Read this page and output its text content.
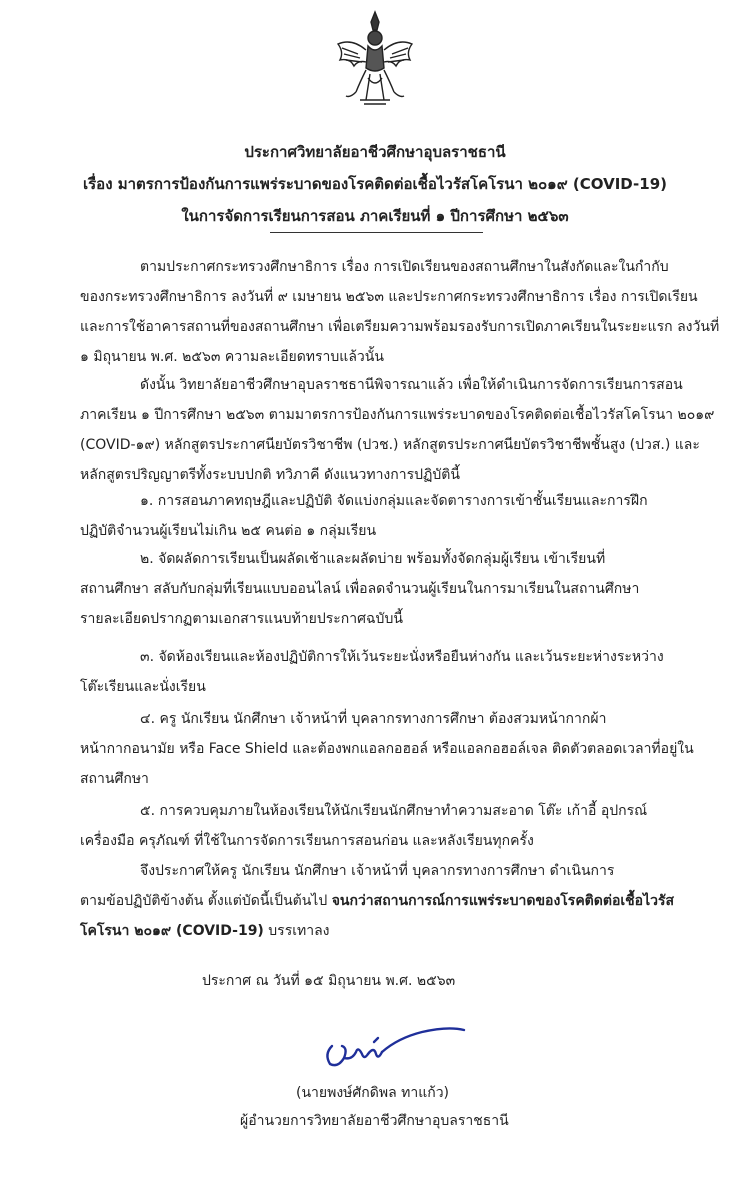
ประกาศวิทยาลัยอาชีวศึกษาอุบลราชธานี
เรื่อง มาตรการป้องกันการแพร่ระบาดของโรคติดต่อเชื้อไวรัสโคโรนา ๒๐๑๙ (COVID-19)
ในการจัดการเรียนการสอน ภาคเรียนที่ ๑ ปีการศึกษา ๒๕๖๓
ตามประกาศกระทรวงศึกษาธิการ เรื่อง การเปิดเรียนของสถานศึกษาในสังกัดและในกำกับ
ของกระทรวงศึกษาธิการ ลงวันที่ ๙ เมษายน ๒๕๖๓ และประกาศกระทรวงศึกษาธิการ เรื่อง การเปิดเรียน
และการใช้อาคารสถานที่ของสถานศึกษา เพื่อเตรียมความพร้อมรองรับการเปิดภาคเรียนในระยะแรก ลงวันที่
๑ มิถุนายน พ.ศ. ๒๕๖๓ ความละเอียดทราบแล้วนั้น
ดังนั้น วิทยาลัยอาชีวศึกษาอุบลราชธานีพิจารณาแล้ว เพื่อให้ดำเนินการจัดการเรียนการสอน
ภาคเรียน ๑ ปีการศึกษา ๒๕๖๓ ตามมาตรการป้องกันการแพร่ระบาดของโรคติดต่อเชื้อไวรัสโคโรนา ๒๐๑๙
(COVID-๑๙) หลักสูตรประกาศนียบัตรวิชาชีพ (ปวช.) หลักสูตรประกาศนียบัตรวิชาชีพชั้นสูง (ปวส.) และ
หลักสูตรปริญญาตรีทั้งระบบปกติ ทวิภาคี ดังแนวทางการปฏิบัตินี้
๑. การสอนภาคทฤษฎีและปฏิบัติ จัดแบ่งกลุ่มและจัดตารางการเข้าชั้นเรียนและการฝึก
ปฏิบัติจำนวนผู้เรียนไม่เกิน ๒๕ คนต่อ ๑ กลุ่มเรียน
๒. จัดผลัดการเรียนเป็นผลัดเช้าและผลัดบ่าย พร้อมทั้งจัดกลุ่มผู้เรียน เข้าเรียนที่
สถานศึกษา สลับกับกลุ่มที่เรียนแบบออนไลน์ เพื่อลดจำนวนผู้เรียนในการมาเรียนในสถานศึกษา
รายละเอียดปรากฏตามเอกสารแนบท้ายประกาศฉบับนี้
๓. จัดห้องเรียนและห้องปฏิบัติการให้เว้นระยะนั่งหรือยืนห่างกัน และเว้นระยะห่างระหว่าง
โต๊ะเรียนและนั่งเรียน
๔. ครู นักเรียน นักศึกษา เจ้าหน้าที่ บุคลากรทางการศึกษา ต้องสวมหน้ากากผ้า
หน้ากากอนามัย หรือ Face Shield และต้องพกแอลกอฮอล์ หรือแอลกอฮอล์เจล ติดตัวตลอดเวลาที่อยู่ใน
สถานศึกษา
๕. การควบคุมภายในห้องเรียนให้นักเรียนนักศึกษาทำความสะอาด โต๊ะ เก้าอี้ อุปกรณ์
เครื่องมือ ครุภัณฑ์ ที่ใช้ในการจัดการเรียนการสอนก่อน และหลังเรียนทุกครั้ง
จึงประกาศให้ครู นักเรียน นักศึกษา เจ้าหน้าที่ บุคลากรทางการศึกษา ดำเนินการ
ตามข้อปฏิบัติข้างต้น ตั้งแต่บัดนี้เป็นต้นไป จนกว่าสถานการณ์การแพร่ระบาดของโรคติดต่อเชื้อไวรัส
โคโรนา ๒๐๑๙ (COVID-19) บรรเทาลง
ประกาศ ณ วันที่ ๑๕ มิถุนายน พ.ศ. ๒๕๖๓
(นายพงษ์ศักดิพล ทาแก้ว)
ผู้อำนวยการวิทยาลัยอาชีวศึกษาอุบลราชธานี
